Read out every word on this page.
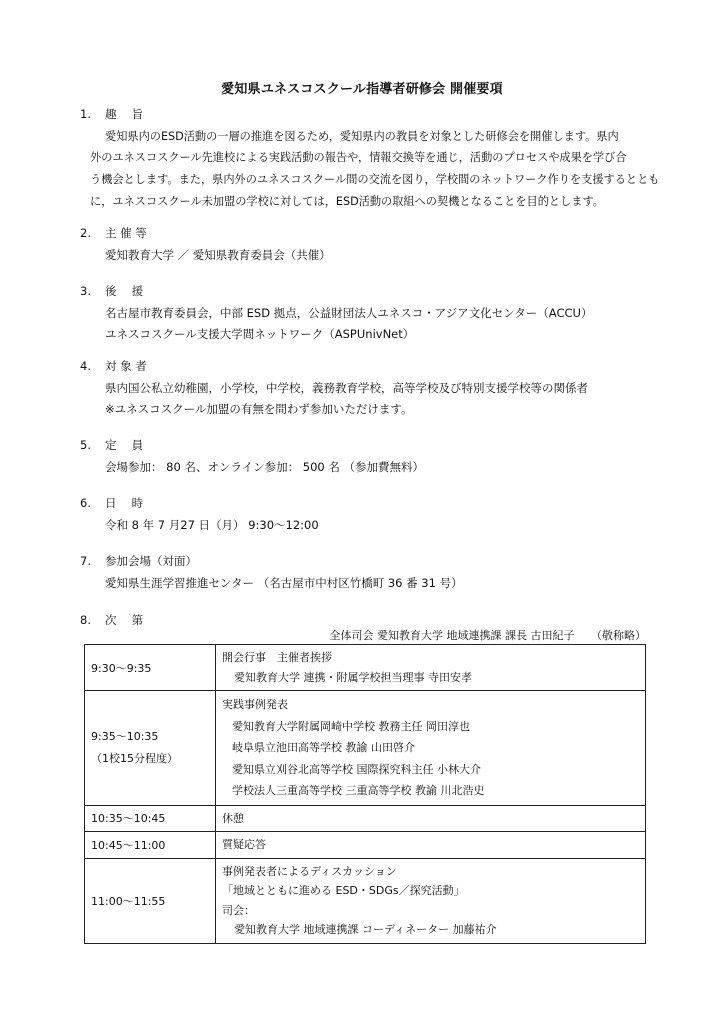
愛知県ユネスコスクール指導者研修会 開催要項
1.	趣　 旨
愛知県内のESD活動の一層の推進を図るため，愛知県内の教員を対象とした研修会を開催します。県内
外のユネスコスクール先進校による実践活動の報告や，情報交換等を通じ，活動のプロセスや成果を学び合
う機会とします。また，県内外のユネスコスクール間の交流を図り，学校間のネットワーク作りを支援するととも
に，ユネスコスクール未加盟の学校に対しては，ESD活動の取組への契機となることを目的とします。
2.	主 催 等
愛知教育大学 ／ 愛知県教育委員会（共催）
3.	後　 援
名古屋市教育委員会，中部 ESD 拠点，公益財団法人ユネスコ・アジア文化センター（ACCU）
ユネスコスクール支援大学間ネットワーク（ASPUnivNet）
4.	対 象 者
県内国公私立幼稚園，小学校，中学校，義務教育学校，高等学校及び特別支援学校等の関係者
※ユネスコスクール加盟の有無を問わず参加いただけます。
5.	定　 員
会場参加： 80 名、オンライン参加： 500 名 （参加費無料）
6.	日　 時
令和 8 年 7 月27 日（月） 9:30～12:00
7.	参加会場（対面）
愛知県生涯学習推進センター （名古屋市中村区竹橋町 36 番 31 号）
8.	次　 第
全体司会 愛知教育大学 地域連携課 課長 古田紀子　　（敬称略）
9:30～9:35	開会行事　主催者挨拶
愛知教育大学 連携・附属学校担当理事 寺田安孝

9:35～10:35
（1校15分程度）	実践事例発表
愛知教育大学附属岡崎中学校 教務主任 岡田淳也
岐阜県立池田高等学校 教諭 山田啓介
愛知県立刈谷北高等学校 国際探究科主任 小林大介
学校法人三重高等学校 三重高等学校 教諭 川北浩史

10:35～10:45	休憩

10:45～11:00	質疑応答

11:00～11:55	事例発表者によるディスカッション
「地域とともに進める ESD・SDGs／探究活動」
司会：
愛知教育大学 地域連携課 コーディネーター 加藤祐介
